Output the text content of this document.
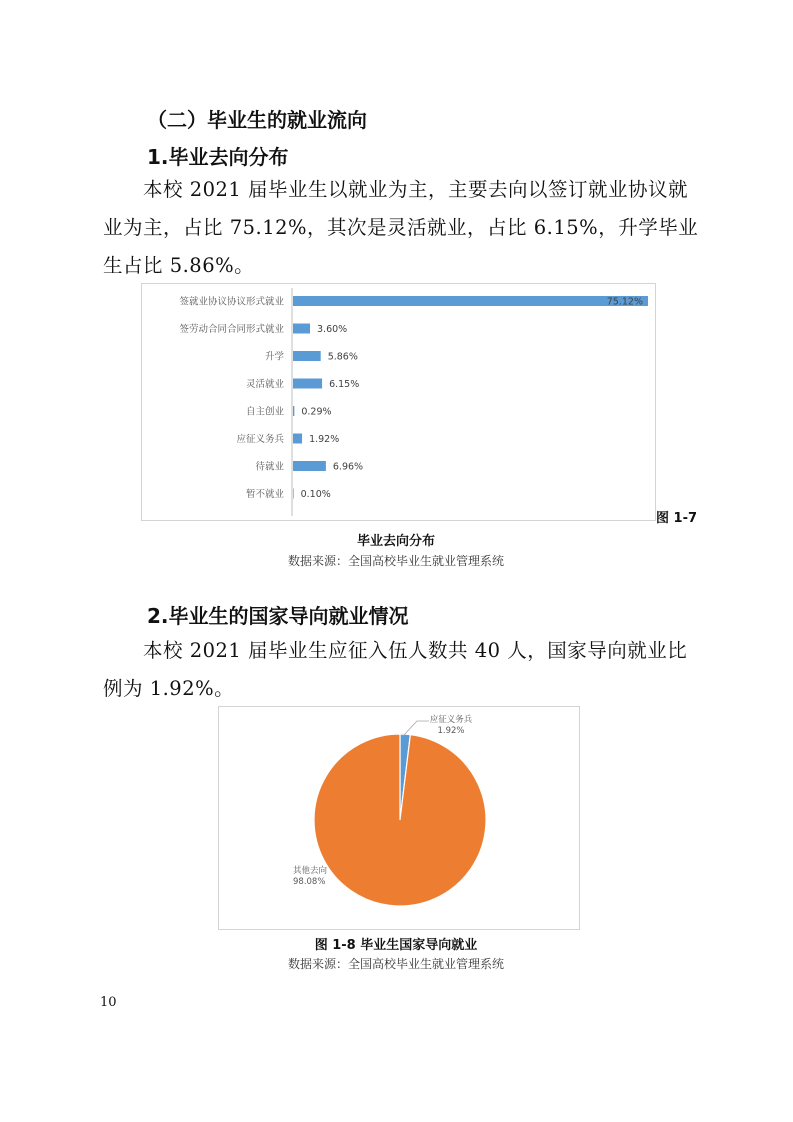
（二）毕业生的就业流向
1.毕业去向分布
本校 2021 届毕业生以就业为主，主要去向以签订就业协议就
业为主，占比 75.12%，其次是灵活就业，占比 6.15%，升学毕业
生占比 5.86%。
签就业协议协议形式就业	75.12%
签劳动合同合同形式就业	3.60%
升学	5.86%
灵活就业	6.15%
自主创业 0.29%
应征义务兵	1.92%
待就业	6.96%
暂不就业 0.10%
图 1-7
毕业去向分布
数据来源：全国高校毕业生就业管理系统
2.毕业生的国家导向就业情况
本校 2021 届毕业生应征入伍人数共 40 人，国家导向就业比
例为 1.92%。
应征义务兵
1.92%
其他去向
98.08%
图 1-8 毕业生国家导向就业
数据来源：全国高校毕业生就业管理系统
10
